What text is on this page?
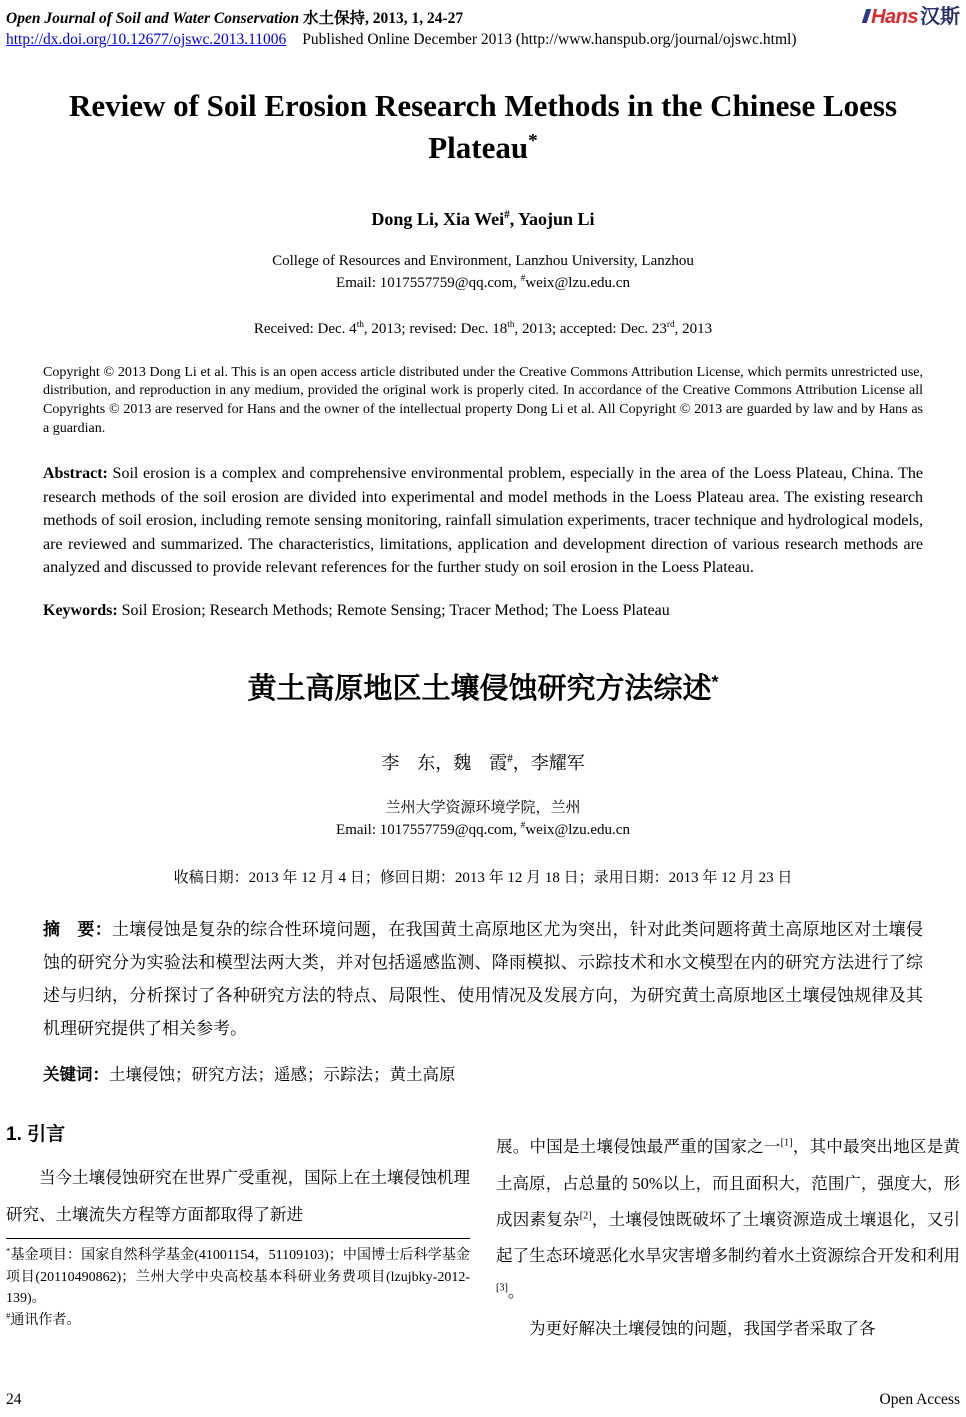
Open Journal of Soil and Water Conservation 水土保持, 2013, 1, 24-27	Hans 汉斯
http://dx.doi.org/10.12677/ojswc.2013.11006 Published Online December 2013 (http://www.hanspub.org/journal/ojswc.html)
Review of Soil Erosion Research Methods in the Chinese Loess Plateau*
Dong Li, Xia Wei#, Yaojun Li
College of Resources and Environment, Lanzhou University, Lanzhou
Email: 1017557759@qq.com, #weix@lzu.edu.cn
Received: Dec. 4th, 2013; revised: Dec. 18th, 2013; accepted: Dec. 23rd, 2013
Copyright © 2013 Dong Li et al. This is an open access article distributed under the Creative Commons Attribution License, which permits unrestricted use, distribution, and reproduction in any medium, provided the original work is properly cited. In accordance of the Creative Commons Attribution License all Copyrights © 2013 are reserved for Hans and the owner of the intellectual property Dong Li et al. All Copyright © 2013 are guarded by law and by Hans as a guardian.
Abstract: Soil erosion is a complex and comprehensive environmental problem, especially in the area of the Loess Plateau, China. The research methods of the soil erosion are divided into experimental and model methods in the Loess Plateau area. The existing research methods of soil erosion, including remote sensing monitoring, rainfall simulation experiments, tracer technique and hydrological models, are reviewed and summarized. The characteristics, limitations, application and development direction of various research methods are analyzed and discussed to provide relevant references for the further study on soil erosion in the Loess Plateau.
Keywords: Soil Erosion; Research Methods; Remote Sensing; Tracer Method; The Loess Plateau
黄土高原地区土壤侵蚀研究方法综述*
李　东，魏　霞#，李耀军
兰州大学资源环境学院，兰州
Email: 1017557759@qq.com, #weix@lzu.edu.cn
收稿日期：2013 年 12 月 4 日；修回日期：2013 年 12 月 18 日；录用日期：2013 年 12 月 23 日
摘　要：土壤侵蚀是复杂的综合性环境问题，在我国黄土高原地区尤为突出，针对此类问题将黄土高原地区对土壤侵蚀的研究分为实验法和模型法两大类，并对包括遥感监测、降雨模拟、示踪技术和水文模型在内的研究方法进行了综述与归纳，分析探讨了各种研究方法的特点、局限性、使用情况及发展方向，为研究黄土高原地区土壤侵蚀规律及其机理研究提供了相关参考。
关键词：土壤侵蚀；研究方法；遥感；示踪法；黄土高原
1. 引言

当今土壤侵蚀研究在世界广受重视，国际上在土壤侵蚀机理研究、土壤流失方程等方面都取得了新进

*基金项目：国家自然科学基金(41001154，51109103)；中国博士后科学基金项目(20110490862)；兰州大学中央高校基本科研业务费项目(lzujbky-2012-139)。

#通讯作者。

展。中国是土壤侵蚀最严重的国家之一[1]，其中最突出地区是黄土高原，占总量的 50%以上，而且面积大，范围广，强度大，形成因素复杂[2]，土壤侵蚀既破坏了土壤资源造成土壤退化，又引起了生态环境恶化水旱灾害增多制约着水土资源综合开发和利用[3]。

为更好解决土壤侵蚀的问题，我国学者采取了各

24	Open Access
